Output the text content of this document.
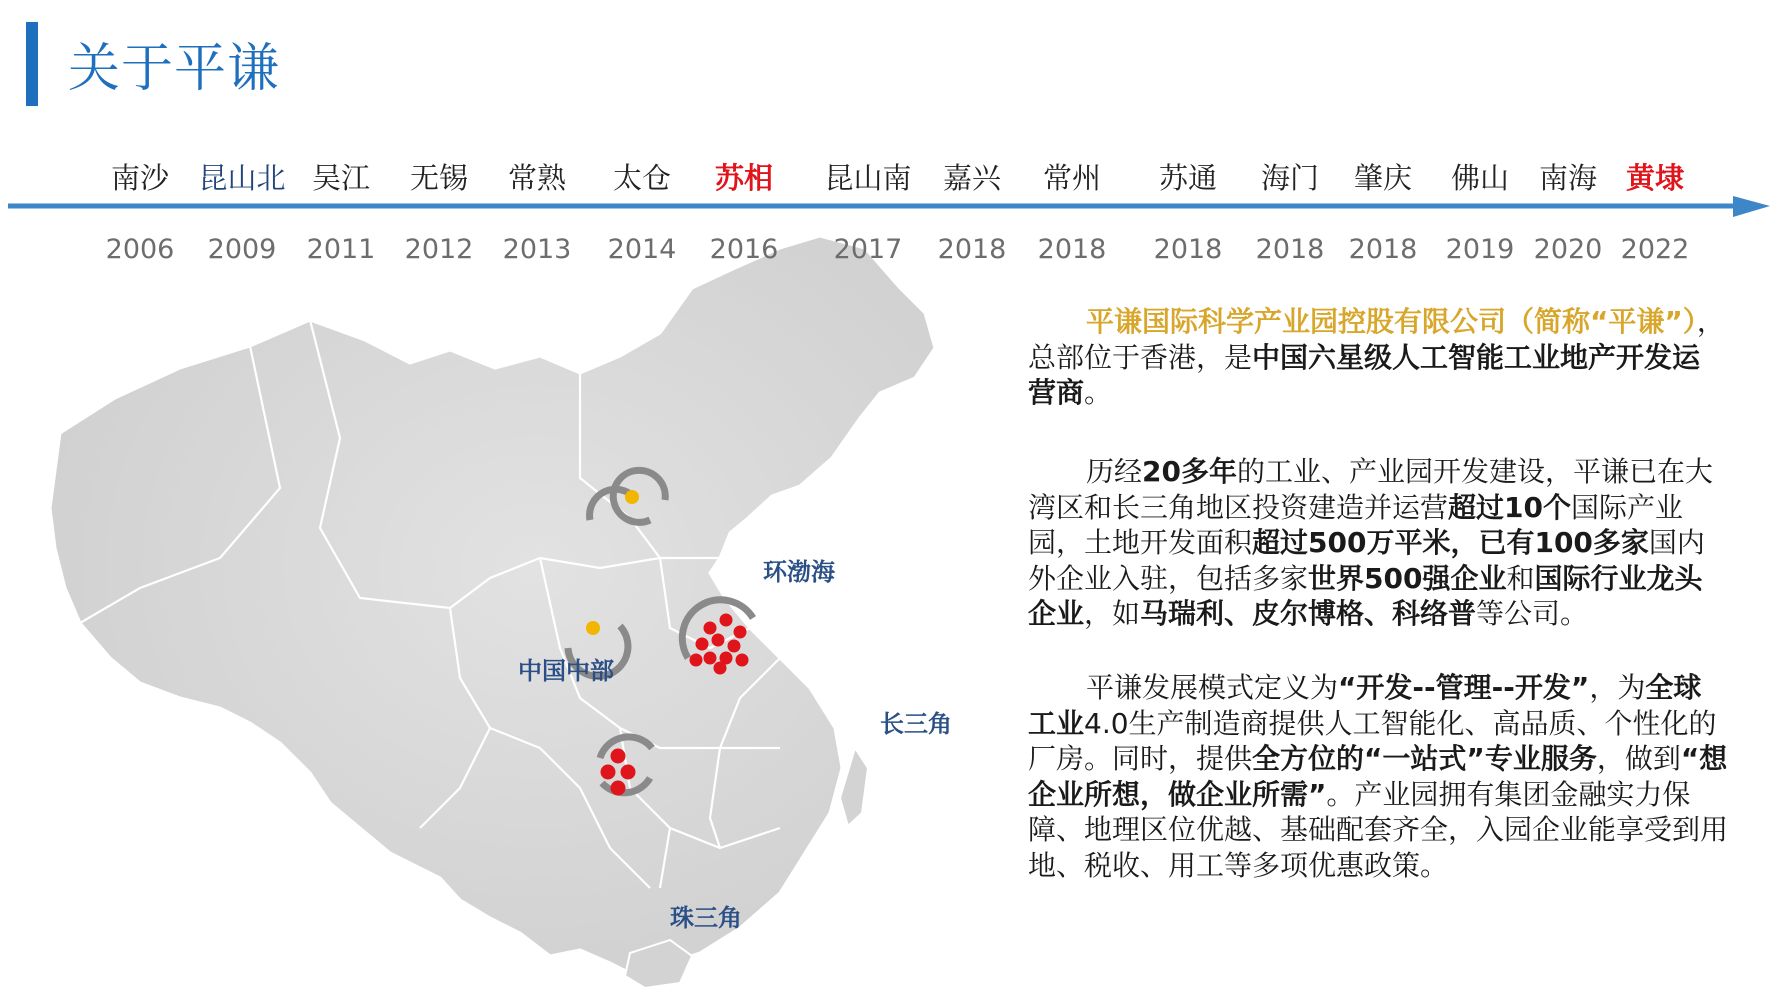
关于平谦
环渤海
中国中部
长三角
珠三角
南沙 昆山北 吴江 无锡 常熟 太仓 苏相 昆山南 嘉兴 常州 苏通 海门 肇庆 佛山 南海 黄埭
2006 2009 2011 2012 2013 2014 2016 2017 2018 2018 2018 2018 2018 2019 2020 2022
平谦国际科学产业园控股有限公司（简称“平谦”），总部位于香港，是中国六星级人工智能工业地产开发运营商。
历经20多年的工业、产业园开发建设，平谦已在大湾区和长三角地区投资建造并运营超过10个国际产业园，土地开发面积超过500万平米，已有100多家国内外企业入驻，包括多家世界500强企业和国际行业龙头企业，如马瑞利、皮尔博格、科络普等公司。
平谦发展模式定义为“开发--管理--开发”，为全球工业4.0生产制造商提供人工智能化、高品质、个性化的厂房。同时，提供全方位的“一站式”专业服务，做到“想企业所想，做企业所需”。产业园拥有集团金融实力保障、地理区位优越、基础配套齐全，入园企业能享受到用地、税收、用工等多项优惠政策。
